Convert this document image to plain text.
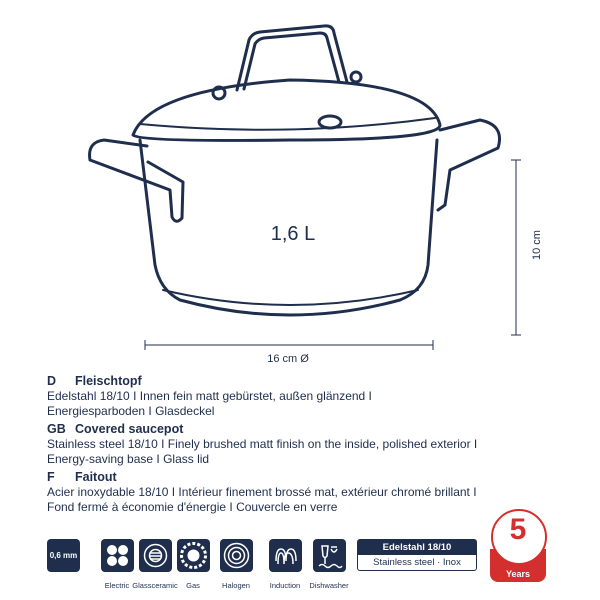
1,6 L	10 cm
16 cm Ø

D Fleischtopf

Edelstahl 18/10 I Innen fein matt gebürstet, außen glänzend I

Energiesparboden I Glasdeckel

GB Covered saucepot

Stainless steel 18/10 I Finely brushed matt finish on the inside, polished exterior I

Energy-saving base I Glass lid

F Faitout

Acier inoxydable 18/10 I Intérieur finement brossé mat, extérieur chromé brillant I

Fond fermé à économie d'énergie I Couvercle en verre

0,6 mm
Electric Glassceramic Gas	Halogen	Induction Dishwasher
Edelstahl 18/10
Stainless steel · Inox
Years
Guarantee
5
